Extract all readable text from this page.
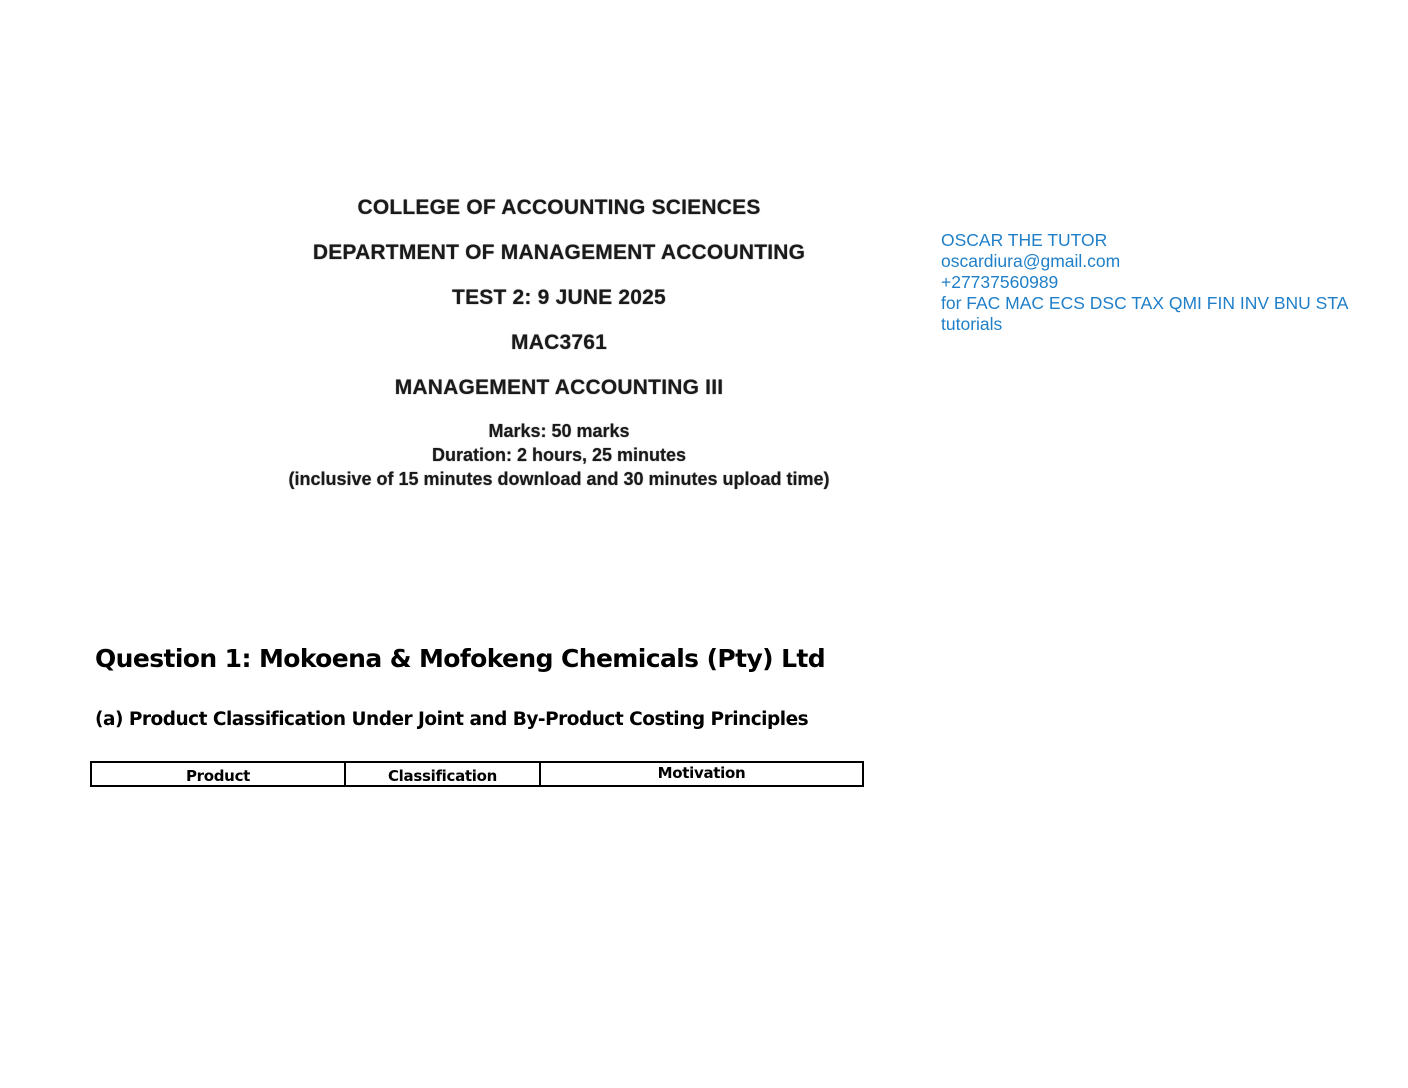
COLLEGE OF ACCOUNTING SCIENCES

DEPARTMENT OF MANAGEMENT ACCOUNTING

TEST 2: 9 JUNE 2025

MAC3761

MANAGEMENT ACCOUNTING III

Marks: 50 marks
Duration: 2 hours, 25 minutes
(inclusive of 15 minutes download and 30 minutes upload time)
OSCAR THE TUTOR
oscardiura@gmail.com
+27737560989
for FAC MAC ECS DSC TAX QMI FIN INV BNU STA
tutorials
Question 1: Mokoena & Mofokeng Chemicals (Pty) Ltd
(a) Product Classification Under Joint and By-Product Costing Principles
Product	Classification	Motivation
